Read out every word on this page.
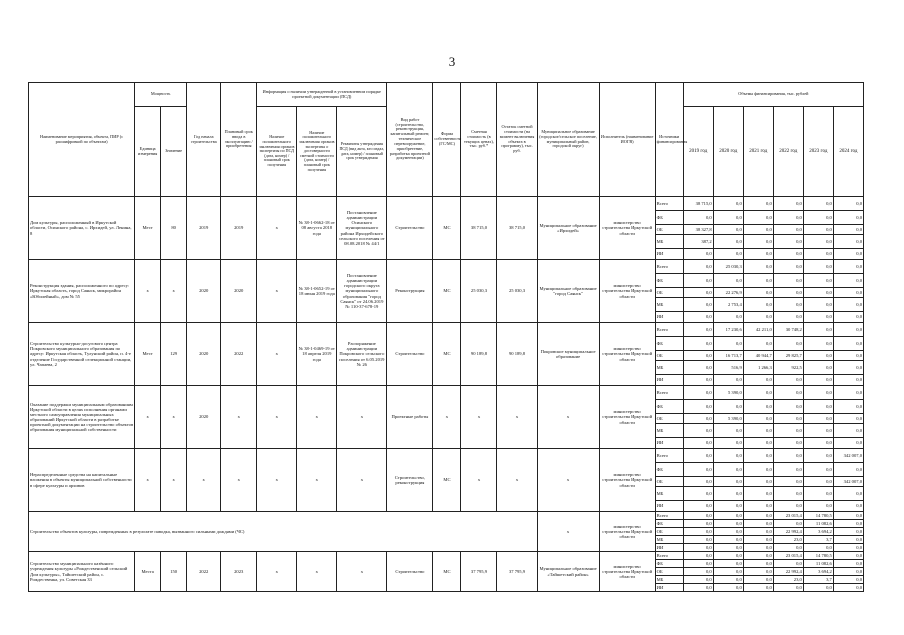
3
Наименование мероприятия, объекта, ПИР (с расшифровкой по объектам)	Мощность		Год начала строительства	Плановый срок ввода в эксплуатацию / приобретения	Информация о наличии утвержденной в установленном порядке проектной документации (ПСД)			Вид работ (строительство, реконструкция, капитальный ремонт, техническое перевооружение, приобретение, разработка проектной документации)	Форма собственности (ГС/МС)	Сметная стоимость (в текущих ценах), тыс. руб.*	Остаток сметной стоимости (на момент включения объекта в программу), тыс. руб.	Муниципальное образование (городское/сельское поселение, муниципальный район, городской округ)	Исполнитель (наименование ИОГВ)	Источники финансирования	Объемы финансирования, тыс. рублей					
	Единица измерения	Значение			Наличие положительного заключения органов экспертизы по ПСД (дата, номер) / плановый срок получения	Наличие положительного заключения органов экспертизы о достоверности сметной стоимости (дата, номер) / плановый срок получения	Реквизиты утверждения ПСД (вид акта, кто издал, дата, номер) / плановый срок утверждения								2019 год	2020 год	2021 год	2022 год	2023 год	2024 год
Дом культуры, расположенный в Иркутской области, Осинского района, с. Ирхидей, ул. Ленина, 8	Мест	80	2019	2019	х	№ 38-1-0662-18 от 08 августа 2018 года	Постановление администрации Осинского муниципального района Ирхидейского сельского поселения от 08.08.2018 № 44/1	Строительство	МС	38 715,0	38 715,0	Муниципальное образование «Ирхидей»	министерство строительства Иркутской области	Всего	38 715,0	0,0	0,0	0,0	0,0	0,0
														ФБ	0,0	0,0	0,0	0,0	0,0	0,0
														ОБ	38 327,8	0,0	0,0	0,0	0,0	0,0
														МБ	387,2	0,0	0,0	0,0	0,0	0,0
														ИИ	0,0	0,0	0,0	0,0	0,0	0,0
Реконструкция здания, расположенного по адресу: Иркутская область, город Саянск, микрорайон «Юбилейный», дом № 55	х	х	2020	2020	х	№ 38-1-0652-19 от 18 июня 2019 года	Постановление администрации городского округа муниципального образования "город Саянск" от 24.06.2019 № 110-37-678-19	Реконструкция	МС	25 030,3	25 030,3	Муниципальное образование "город Саянск"	министерство строительства Иркутской области	Всего	0,0	25 030,3	0,0	0,0	0,0	0,0
														ФБ	0,0	0,0	0,0	0,0	0,0	0,0
														ОБ	0,0	22 276,9	0,0	0,0	0,0	0,0
														МБ	0,0	2 753,4	0,0	0,0	0,0	0,0
														ИИ	0,0	0,0	0,0	0,0	0,0	0,0
Строительство культурно-досугового центра Покровского муниципального образования по адресу: Иркутская область, Тулунский район, п. 4-е отделение Государственной селекционной станции, ул. Чапаева, 2	Мест	129	2020	2022	х	№ 38-1-0469-19 от 18 апреля 2019 года	Распоряжение администрации Покровского сельского поселения от 6.05.2019 № 26	Строительство	МС	90 189,8	90 189,8	Покровское муниципальное образование	министерство строительства Иркутской области	Всего	0,0	17 230,6	42 211,0	30 748,2	0,0	0,0
														ФБ	0,0	0,0	0,0	0,0	0,0	0,0
														ОБ	0,0	16 713,7	40 944,7	29 825,7	0,0	0,0
														МБ	0,0	516,9	1 266,3	922,5	0,0	0,0
														ИИ	0,0	0,0	0,0	0,0	0,0	0,0
Оказание поддержки муниципальным образованиям Иркутской области в целях исполнения органами местного самоуправления муниципальных образований Иркутской области в разработке проектной документации на строительство объектов образования муниципальной собственности	х	х	2020	х	х	х	х	Проектные работы	х	х	х	х	министерство строительства Иркутской области	Всего	0,0	5 390,0	0,0	0,0	0,0	0,0
														ФБ	0,0	0,0	0,0	0,0	0,0	0,0
														ОБ	0,0	5 390,0	0,0	0,0	0,0	0,0
														МБ	0,0	0,0	0,0	0,0	0,0	0,0
														ИИ	0,0	0,0	0,0	0,0	0,0	0,0
Нераспределенные средства на капитальные вложения в объекты муниципальной собственности в сфере культуры и архивов	х	х	х	х	х	х	х	Строительство, реконструкция	МС	х	х	х	министерство строительства Иркутской области	Всего	0,0	0,0	0,0	0,0	0,0	342 007,0
														ФБ	0,0	0,0	0,0	0,0	0,0	0,0
														ОБ	0,0	0,0	0,0	0,0	0,0	342 007,0
														МБ	0,0	0,0	0,0	0,0	0,0	0,0
														ИИ	0,0	0,0	0,0	0,0	0,0	0,0
Строительство объектов культуры, поврежденных в результате паводка, вызванного сильными дождями (ЧС)												х	министерство строительства Иркутской области	Всего	0,0	0,0	0,0	23 015,4	14 780,5	0,0
														ФБ	0,0	0,0	0,0	0,0	11 082,6	0,0
														ОБ	0,0	0,0	0,0	22 992,4	3 694,2	0,0
														МБ	0,0	0,0	0,0	23,0	3,7	0,0
														ИИ	0,0	0,0	0,0	0,0	0,0	0,0
Строительство муниципального казённого учреждения культуры «Рождественский сельский Дом культуры», Тайшетский район, с. Рождественка, ул. Советская 33	Места	150	2022	2023	х	х	х	Строительство	МС	37 795,9	37 795,9	Муниципальное образование «Тайшетский район»	министерство строительства Иркутской области	Всего	0,0	0,0	0,0	23 015,4	14 780,5	0,0
														ФБ	0,0	0,0	0,0	0,0	11 082,6	0,0
														ОБ	0,0	0,0	0,0	22 992,4	3 694,2	0,0
														МБ	0,0	0,0	0,0	23,0	3,7	0,0
														ИИ	0,0	0,0	0,0	0,0	0,0	0,0
